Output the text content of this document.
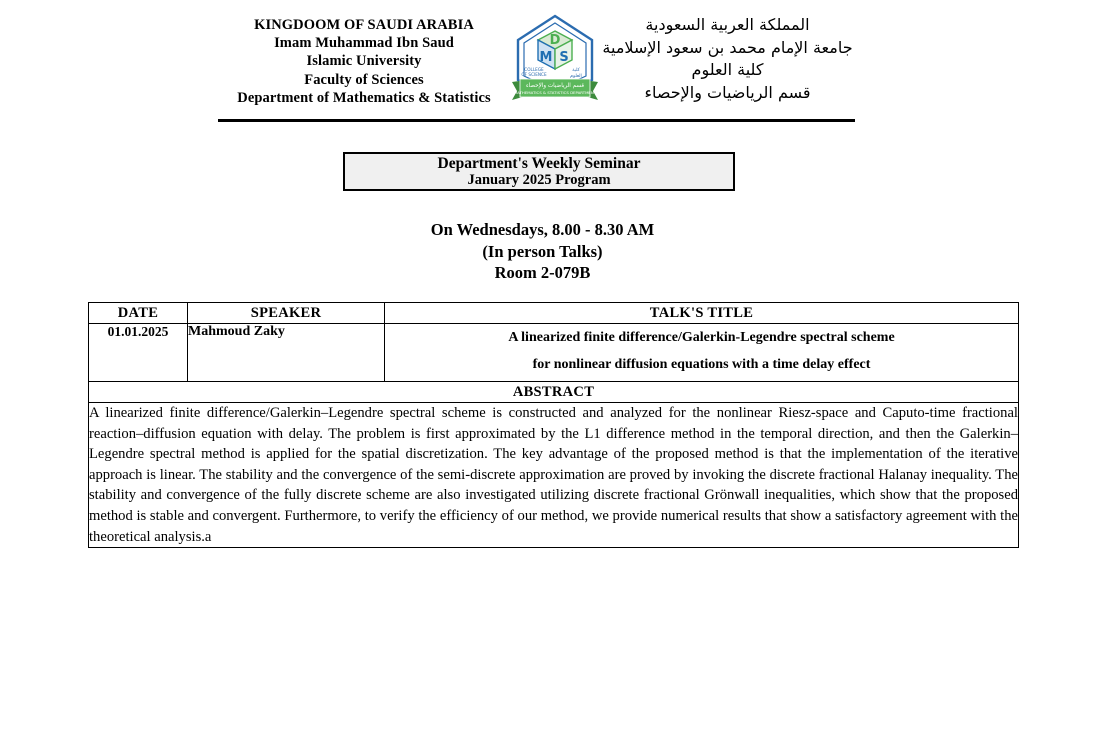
KINGDOOM OF SAUDI ARABIA
Imam Muhammad Ibn Saud
Islamic University
Faculty of Sciences
Department of Mathematics & Statistics
المملكة العربية السعودية
جامعة الإمام محمد بن سعود الإسلامية
كلية العلوم
قسم الرياضيات والإحصاء
D
M S
COLLEGE
OF SCIENCE
كلية
العلوم
قسم الرياضيات والإحصاء
MATHEMATICS & STATISTICS DEPARTMENT
Department's Weekly Seminar
January 2025 Program
On Wednesdays, 8.00 - 8.30 AM
(In person Talks)
Room 2-079B
DATE	SPEAKER	TALK'S TITLE
01.01.2025	Mahmoud Zaky	A linearized finite difference/Galerkin-Legendre spectral scheme
for nonlinear diffusion equations with a time delay effect

ABSTRACT		
A linearized finite difference/Galerkin–Legendre spectral scheme is constructed and analyzed for the nonlinear Riesz-space and Caputo-time fractional reaction–diffusion equation with delay. The problem is first approximated by the L1 difference method in the temporal direction, and then the Galerkin–Legendre spectral method is applied for the spatial discretization. The key advantage of the proposed method is that the implementation of the iterative approach is linear. The stability and the convergence of the semi-discrete approximation are proved by invoking the discrete fractional Halanay inequality. The stability and convergence of the fully discrete scheme are also investigated utilizing discrete fractional Grönwall inequalities, which show that the proposed method is stable and convergent. Furthermore, to verify the efficiency of our method, we provide numerical results that show a satisfactory agreement with the theoretical analysis.a		
